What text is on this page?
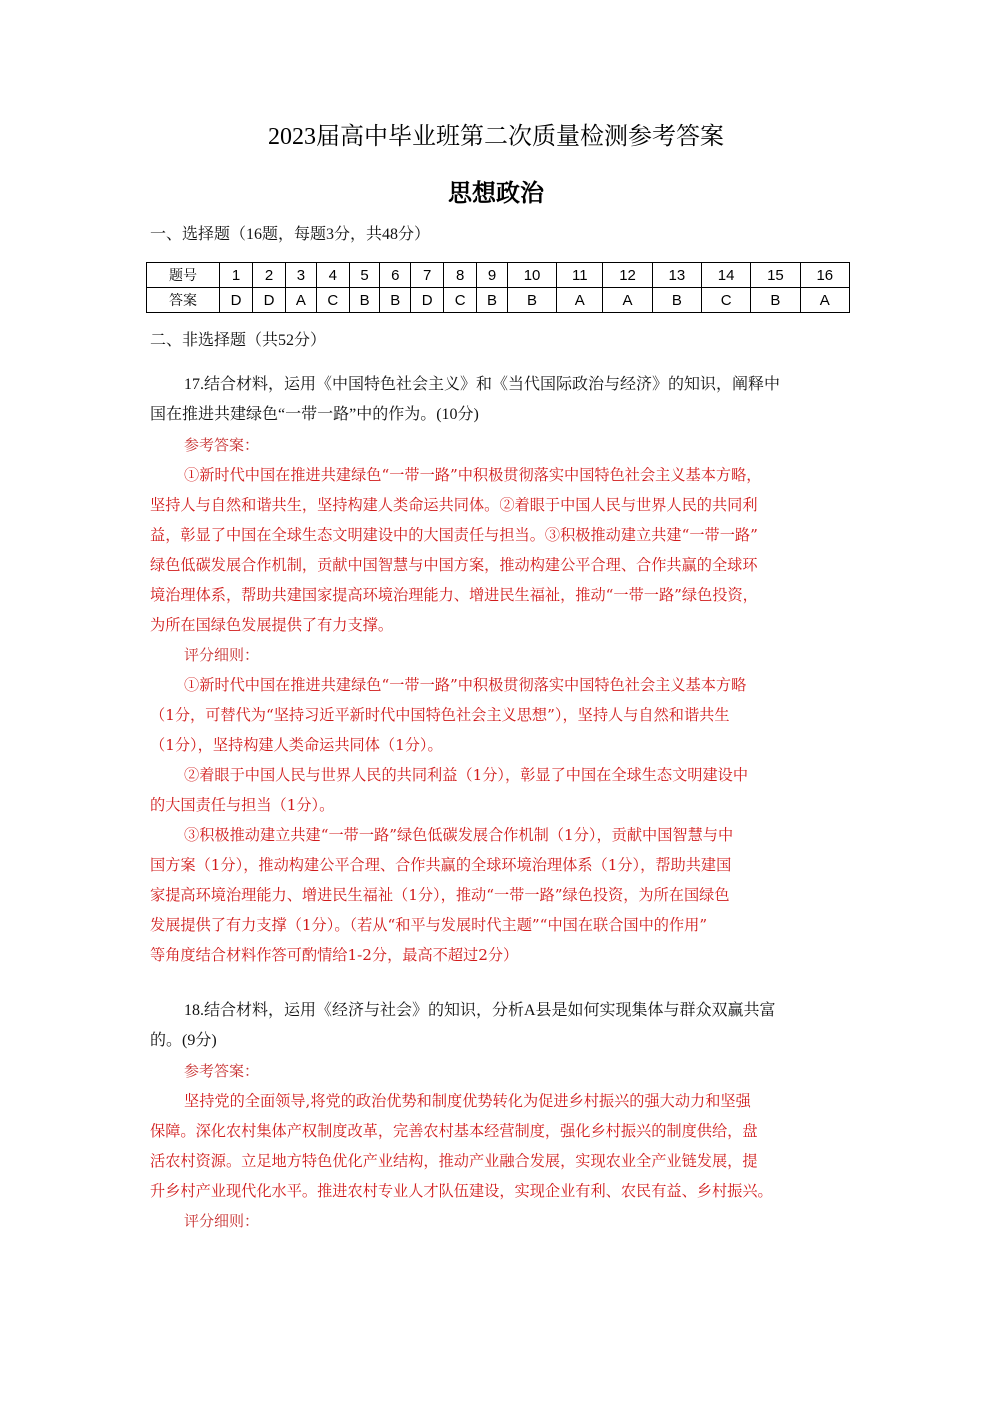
2023届高中毕业班第二次质量检测参考答案
思想政治
一、选择题（16题，每题3分，共48分）
题号	1	2	3	4	5	6	7	8	9	10	11	12	13	14	15	16
答案	D	D	A	C	B	B	D	C	B	B	A	A	B	C	B	A
二、非选择题（共52分）
17.结合材料，运用《中国特色社会主义》和《当代国际政治与经济》的知识，阐释中
国在推进共建绿色“一带一路”中的作为。(10分)
参考答案：
①新时代中国在推进共建绿色“一带一路”中积极贯彻落实中国特色社会主义基本方略，
坚持人与自然和谐共生，坚持构建人类命运共同体。②着眼于中国人民与世界人民的共同利
益，彰显了中国在全球生态文明建设中的大国责任与担当。③积极推动建立共建“一带一路”
绿色低碳发展合作机制，贡献中国智慧与中国方案，推动构建公平合理、合作共赢的全球环
境治理体系，帮助共建国家提高环境治理能力、增进民生福祉，推动“一带一路”绿色投资，
为所在国绿色发展提供了有力支撑。
评分细则：
①新时代中国在推进共建绿色“一带一路”中积极贯彻落实中国特色社会主义基本方略
（1分，可替代为“坚持习近平新时代中国特色社会主义思想”），坚持人与自然和谐共生
（1分），坚持构建人类命运共同体（1分）。
②着眼于中国人民与世界人民的共同利益（1分），彰显了中国在全球生态文明建设中
的大国责任与担当（1分）。
③积极推动建立共建“一带一路”绿色低碳发展合作机制（1分），贡献中国智慧与中
国方案（1分），推动构建公平合理、合作共赢的全球环境治理体系（1分），帮助共建国
家提高环境治理能力、增进民生福祉（1分），推动“一带一路”绿色投资，为所在国绿色
发展提供了有力支撑（1分）。（若从“和平与发展时代主题”“中国在联合国中的作用”
等角度结合材料作答可酌情给1-2分，最高不超过2分）
18.结合材料，运用《经济与社会》的知识，分析A县是如何实现集体与群众双赢共富
的。(9分)
参考答案：
坚持党的全面领导,将党的政治优势和制度优势转化为促进乡村振兴的强大动力和坚强
保障。深化农村集体产权制度改革，完善农村基本经营制度，强化乡村振兴的制度供给，盘
活农村资源。立足地方特色优化产业结构，推动产业融合发展，实现农业全产业链发展，提
升乡村产业现代化水平。推进农村专业人才队伍建设，实现企业有利、农民有益、乡村振兴。
评分细则：
